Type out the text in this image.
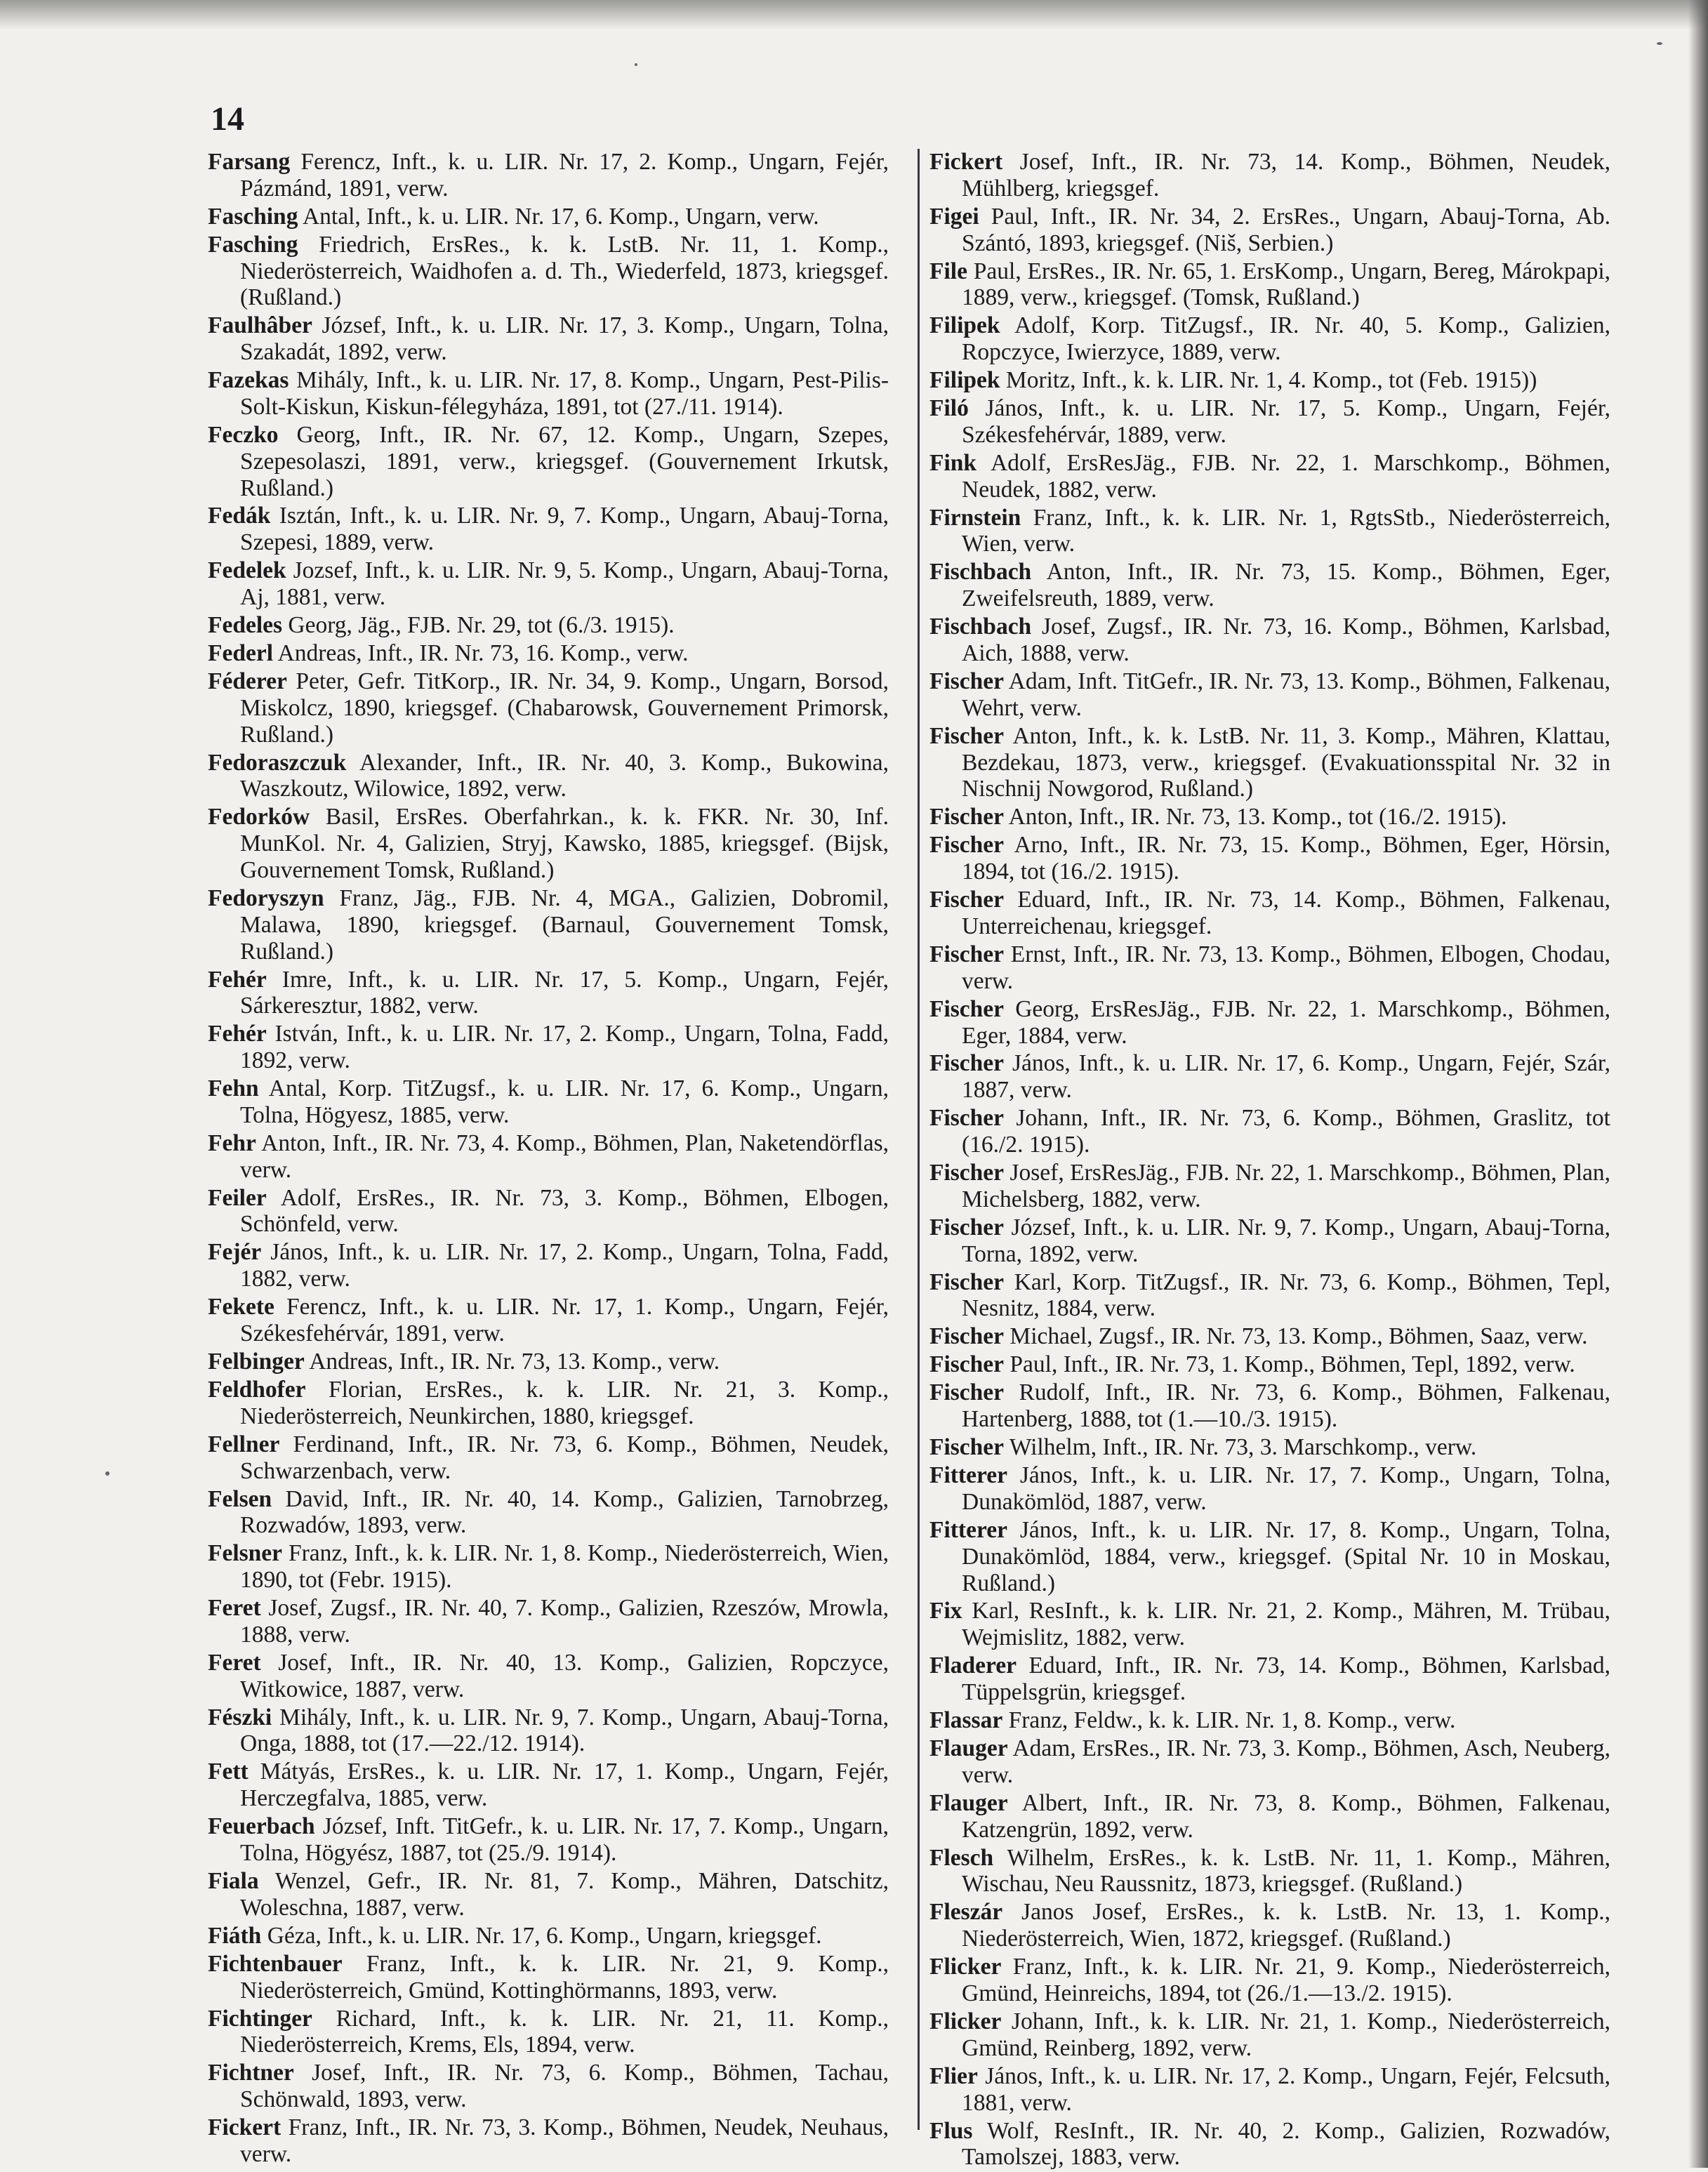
14

Farsang Ferencz, Inft., k. u. LIR. Nr. 17, 2. Komp., Ungarn, Fejér, Pázmánd, 1891, verw.

Fasching Antal, Inft., k. u. LIR. Nr. 17, 6. Komp., Ungarn, verw.

Fasching Friedrich, ErsRes., k. k. LstB. Nr. 11, 1. Komp., Niederösterreich, Waidhofen a. d. Th., Wiederfeld, 1873, kriegsgef. (Rußland.)

Faulhâber József, Inft., k. u. LIR. Nr. 17, 3. Komp., Ungarn, Tolna, Szakadát, 1892, verw.

Fazekas Mihály, Inft., k. u. LIR. Nr. 17, 8. Komp., Ungarn, Pest-Pilis-Solt-Kiskun, Kiskun-félegyháza, 1891, tot (27./11. 1914).

Feczko Georg, Inft., IR. Nr. 67, 12. Komp., Ungarn, Szepes, Szepesolaszi, 1891, verw., kriegsgef. (Gouvernement Irkutsk, Rußland.)

Fedák Isztán, Inft., k. u. LIR. Nr. 9, 7. Komp., Ungarn, Abauj-Torna, Szepesi, 1889, verw.

Fedelek Jozsef, Inft., k. u. LIR. Nr. 9, 5. Komp., Ungarn, Abauj-Torna, Aj, 1881, verw.

Fedeles Georg, Jäg., FJB. Nr. 29, tot (6./3. 1915).

Federl Andreas, Inft., IR. Nr. 73, 16. Komp., verw.

Féderer Peter, Gefr. TitKorp., IR. Nr. 34, 9. Komp., Ungarn, Borsod, Miskolcz, 1890, kriegsgef. (Chabarowsk, Gouvernement Primorsk, Rußland.)

Fedoraszczuk Alexander, Inft., IR. Nr. 40, 3. Komp., Bukowina, Waszkoutz, Wilowice, 1892, verw.

Fedorków Basil, ErsRes. Oberfahrkan., k. k. FKR. Nr. 30, Inf. MunKol. Nr. 4, Galizien, Stryj, Kawsko, 1885, kriegsgef. (Bijsk, Gouvernement Tomsk, Rußland.)

Fedoryszyn Franz, Jäg., FJB. Nr. 4, MGA., Galizien, Dobromil, Malawa, 1890, kriegsgef. (Barnaul, Gouvernement Tomsk, Rußland.)

Fehér Imre, Inft., k. u. LIR. Nr. 17, 5. Komp., Ungarn, Fejér, Sárkeresztur, 1882, verw.

Fehér István, Inft., k. u. LIR. Nr. 17, 2. Komp., Ungarn, Tolna, Fadd, 1892, verw.

Fehn Antal, Korp. TitZugsf., k. u. LIR. Nr. 17, 6. Komp., Ungarn, Tolna, Högyesz, 1885, verw.

Fehr Anton, Inft., IR. Nr. 73, 4. Komp., Böhmen, Plan, Naketendörflas, verw.

Feiler Adolf, ErsRes., IR. Nr. 73, 3. Komp., Böhmen, Elbogen, Schönfeld, verw.

Fejér János, Inft., k. u. LIR. Nr. 17, 2. Komp., Ungarn, Tolna, Fadd, 1882, verw.

Fekete Ferencz, Inft., k. u. LIR. Nr. 17, 1. Komp., Ungarn, Fejér, Székesfehérvár, 1891, verw.

Felbinger Andreas, Inft., IR. Nr. 73, 13. Komp., verw.

Feldhofer Florian, ErsRes., k. k. LIR. Nr. 21, 3. Komp., Niederösterreich, Neunkirchen, 1880, kriegsgef.

Fellner Ferdinand, Inft., IR. Nr. 73, 6. Komp., Böhmen, Neudek, Schwarzenbach, verw.

Felsen David, Inft., IR. Nr. 40, 14. Komp., Galizien, Tarnobrzeg, Rozwadów, 1893, verw.

Felsner Franz, Inft., k. k. LIR. Nr. 1, 8. Komp., Niederösterreich, Wien, 1890, tot (Febr. 1915).

Feret Josef, Zugsf., IR. Nr. 40, 7. Komp., Galizien, Rzeszów, Mrowla, 1888, verw.

Feret Josef, Inft., IR. Nr. 40, 13. Komp., Galizien, Ropczyce, Witkowice, 1887, verw.

Fészki Mihály, Inft., k. u. LIR. Nr. 9, 7. Komp., Ungarn, Abauj-Torna, Onga, 1888, tot (17.—22./12. 1914).

Fett Mátyás, ErsRes., k. u. LIR. Nr. 17, 1. Komp., Ungarn, Fejér, Herczegfalva, 1885, verw.

Feuerbach József, Inft. TitGefr., k. u. LIR. Nr. 17, 7. Komp., Ungarn, Tolna, Högyész, 1887, tot (25./9. 1914).

Fiala Wenzel, Gefr., IR. Nr. 81, 7. Komp., Mähren, Datschitz, Woleschna, 1887, verw.

Fiáth Géza, Inft., k. u. LIR. Nr. 17, 6. Komp., Ungarn, kriegsgef.

Fichtenbauer Franz, Inft., k. k. LIR. Nr. 21, 9. Komp., Niederösterreich, Gmünd, Kottinghörmanns, 1893, verw.

Fichtinger Richard, Inft., k. k. LIR. Nr. 21, 11. Komp., Niederösterreich, Krems, Els, 1894, verw.

Fichtner Josef, Inft., IR. Nr. 73, 6. Komp., Böhmen, Tachau, Schönwald, 1893, verw.

Fickert Franz, Inft., IR. Nr. 73, 3. Komp., Böhmen, Neudek, Neuhaus, verw.

Fickert Josef, Inft., IR. Nr. 73, 14. Komp., Böhmen, Neudek, Mühlberg, kriegsgef.

Figei Paul, Inft., IR. Nr. 34, 2. ErsRes., Ungarn, Abauj-Torna, Ab. Szántó, 1893, kriegsgef. (Niš, Serbien.)

File Paul, ErsRes., IR. Nr. 65, 1. ErsKomp., Ungarn, Bereg, Márokpapi, 1889, verw., kriegsgef. (Tomsk, Rußland.)

Filipek Adolf, Korp. TitZugsf., IR. Nr. 40, 5. Komp., Galizien, Ropczyce, Iwierzyce, 1889, verw.

Filipek Moritz, Inft., k. k. LIR. Nr. 1, 4. Komp., tot (Feb. 1915))

Filó János, Inft., k. u. LIR. Nr. 17, 5. Komp., Ungarn, Fejér, Székesfehérvár, 1889, verw.

Fink Adolf, ErsResJäg., FJB. Nr. 22, 1. Marschkomp., Böhmen, Neudek, 1882, verw.

Firnstein Franz, Inft., k. k. LIR. Nr. 1, RgtsStb., Niederösterreich, Wien, verw.

Fischbach Anton, Inft., IR. Nr. 73, 15. Komp., Böhmen, Eger, Zweifelsreuth, 1889, verw.

Fischbach Josef, Zugsf., IR. Nr. 73, 16. Komp., Böhmen, Karlsbad, Aich, 1888, verw.

Fischer Adam, Inft. TitGefr., IR. Nr. 73, 13. Komp., Böhmen, Falkenau, Wehrt, verw.

Fischer Anton, Inft., k. k. LstB. Nr. 11, 3. Komp., Mähren, Klattau, Bezdekau, 1873, verw., kriegsgef. (Evakuationsspital Nr. 32 in Nischnij Nowgorod, Rußland.)

Fischer Anton, Inft., IR. Nr. 73, 13. Komp., tot (16./2. 1915).

Fischer Arno, Inft., IR. Nr. 73, 15. Komp., Böhmen, Eger, Hörsin, 1894, tot (16./2. 1915).

Fischer Eduard, Inft., IR. Nr. 73, 14. Komp., Böhmen, Falkenau, Unterreichenau, kriegsgef.

Fischer Ernst, Inft., IR. Nr. 73, 13. Komp., Böhmen, Elbogen, Chodau, verw.

Fischer Georg, ErsResJäg., FJB. Nr. 22, 1. Marschkomp., Böhmen, Eger, 1884, verw.

Fischer János, Inft., k. u. LIR. Nr. 17, 6. Komp., Ungarn, Fejér, Szár, 1887, verw.

Fischer Johann, Inft., IR. Nr. 73, 6. Komp., Böhmen, Graslitz, tot (16./2. 1915).

Fischer Josef, ErsResJäg., FJB. Nr. 22, 1. Marschkomp., Böhmen, Plan, Michelsberg, 1882, verw.

Fischer József, Inft., k. u. LIR. Nr. 9, 7. Komp., Ungarn, Abauj-Torna, Torna, 1892, verw.

Fischer Karl, Korp. TitZugsf., IR. Nr. 73, 6. Komp., Böhmen, Tepl, Nesnitz, 1884, verw.

Fischer Michael, Zugsf., IR. Nr. 73, 13. Komp., Böhmen, Saaz, verw.

Fischer Paul, Inft., IR. Nr. 73, 1. Komp., Böhmen, Tepl, 1892, verw.

Fischer Rudolf, Inft., IR. Nr. 73, 6. Komp., Böhmen, Falkenau, Hartenberg, 1888, tot (1.—10./3. 1915).

Fischer Wilhelm, Inft., IR. Nr. 73, 3. Marschkomp., verw.

Fitterer János, Inft., k. u. LIR. Nr. 17, 7. Komp., Ungarn, Tolna, Dunakömlöd, 1887, verw.

Fitterer János, Inft., k. u. LIR. Nr. 17, 8. Komp., Ungarn, Tolna, Dunakömlöd, 1884, verw., kriegsgef. (Spital Nr. 10 in Moskau, Rußland.)

Fix Karl, ResInft., k. k. LIR. Nr. 21, 2. Komp., Mähren, M. Trübau, Wejmislitz, 1882, verw.

Fladerer Eduard, Inft., IR. Nr. 73, 14. Komp., Böhmen, Karlsbad, Tüppelsgrün, kriegsgef.

Flassar Franz, Feldw., k. k. LIR. Nr. 1, 8. Komp., verw.

Flauger Adam, ErsRes., IR. Nr. 73, 3. Komp., Böhmen, Asch, Neuberg, verw.

Flauger Albert, Inft., IR. Nr. 73, 8. Komp., Böhmen, Falkenau, Katzengrün, 1892, verw.

Flesch Wilhelm, ErsRes., k. k. LstB. Nr. 11, 1. Komp., Mähren, Wischau, Neu Raussnitz, 1873, kriegsgef. (Rußland.)

Fleszár Janos Josef, ErsRes., k. k. LstB. Nr. 13, 1. Komp., Niederösterreich, Wien, 1872, kriegsgef. (Rußland.)

Flicker Franz, Inft., k. k. LIR. Nr. 21, 9. Komp., Niederösterreich, Gmünd, Heinreichs, 1894, tot (26./1.—13./2. 1915).

Flicker Johann, Inft., k. k. LIR. Nr. 21, 1. Komp., Niederösterreich, Gmünd, Reinberg, 1892, verw.

Flier János, Inft., k. u. LIR. Nr. 17, 2. Komp., Ungarn, Fejér, Felcsuth, 1881, verw.

Flus Wolf, ResInft., IR. Nr. 40, 2. Komp., Galizien, Rozwadów, Tamolszej, 1883, verw.
